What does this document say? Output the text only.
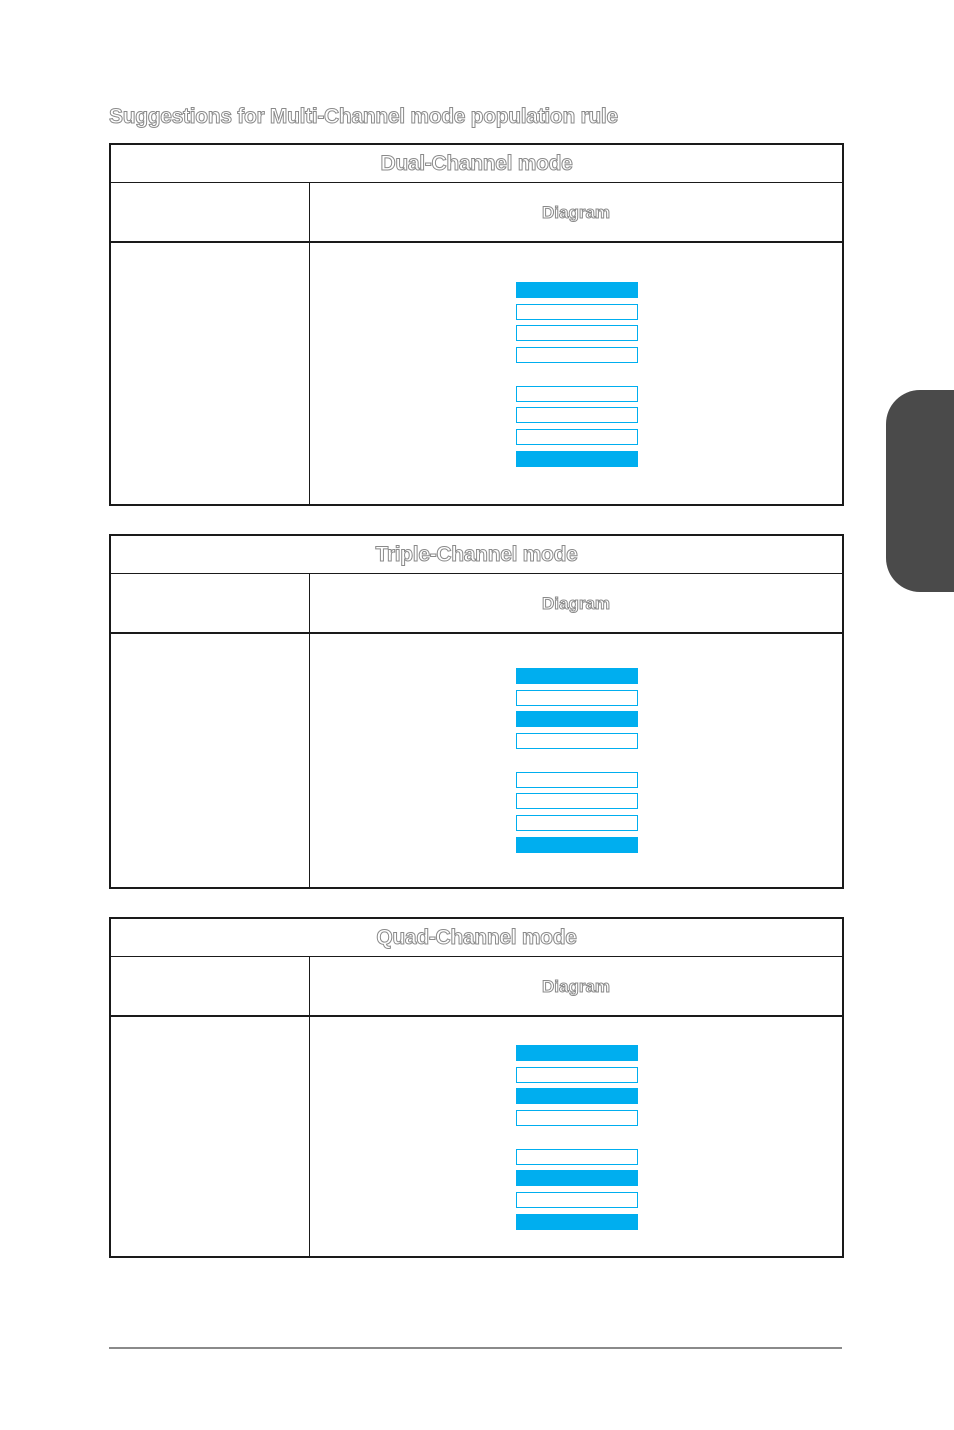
Suggestions for Multi-Channel mode population rule
Dual-Channel mode
Diagram
Triple-Channel mode
Diagram
Quad-Channel mode
Diagram
